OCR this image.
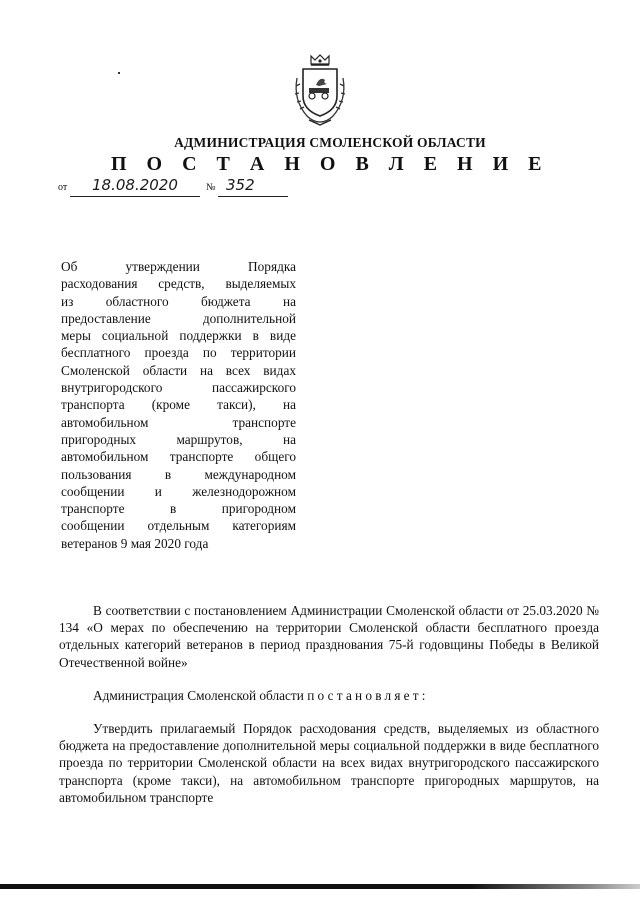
АДМИНИСТРАЦИЯ СМОЛЕНСКОЙ ОБЛАСТИ
П О С Т А Н О В Л Е Н И Е
от 18.08.2020	№ 352
Об утверждении Порядка
расходования средств, выделяемых
из областного бюджета на
предоставление дополнительной
меры социальной поддержки в виде
бесплатного проезда по территории
Смоленской области на всех видах
внутригородского пассажирского
транспорта (кроме такси), на
автомобильном транспорте
пригородных маршрутов, на
автомобильном транспорте общего
пользования в международном
сообщении и железнодорожном
транспорте в пригородном
сообщении отдельным категориям
ветеранов 9 мая 2020 года
В соответствии с постановлением Администрации Смоленской области от 25.03.2020 № 134 «О мерах по обеспечению на территории Смоленской области бесплатного проезда отдельных категорий ветеранов в период празднования 75-й годовщины Победы в Великой Отечественной войне»
Администрация Смоленской области постановляет:
Утвердить прилагаемый Порядок расходования средств, выделяемых из областного бюджета на предоставление дополнительной меры социальной поддержки в виде бесплатного проезда по территории Смоленской области на всех видах внутригородского пассажирского транспорта (кроме такси), на автомобильном транспорте пригородных маршрутов, на автомобильном транспорте
